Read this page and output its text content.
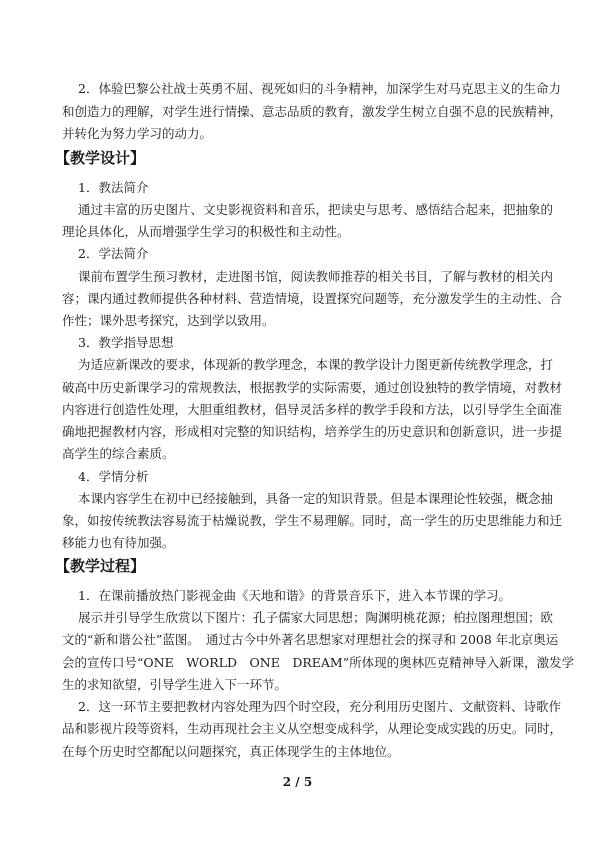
2．体验巴黎公社战士英勇不屈、视死如归的斗争精神，加深学生对马克思主义的生命力
和创造力的理解，对学生进行情操、意志品质的教育，激发学生树立自强不息的民族精神，
并转化为努力学习的动力。
【教学设计】
1．教法简介
通过丰富的历史图片、文史影视资料和音乐，把读史与思考、感悟结合起来，把抽象的
理论具体化，从而增强学生学习的积极性和主动性。
2．学法简介
课前布置学生预习教材，走进图书馆，阅读教师推荐的相关书目，了解与教材的相关内
容；课内通过教师提供各种材料、营造情境，设置探究问题等，充分激发学生的主动性、合
作性；课外思考探究，达到学以致用。
3．教学指导思想
为适应新课改的要求，体现新的教学理念，本课的教学设计力图更新传统教学理念，打
破高中历史新课学习的常规教法，根据教学的实际需要，通过创设独特的教学情境，对教材
内容进行创造性处理，大胆重组教材，倡导灵活多样的教学手段和方法，以引导学生全面准
确地把握教材内容，形成相对完整的知识结构，培养学生的历史意识和创新意识，进一步提
高学生的综合素质。
4．学情分析
本课内容学生在初中已经接触到，具备一定的知识背景。但是本课理论性较强，概念抽
象，如按传统教法容易流于枯燥说教，学生不易理解。同时，高一学生的历史思维能力和迁
移能力也有待加强。
【教学过程】
1．在课前播放热门影视金曲《天地和谐》的背景音乐下，进入本节课的学习。
展示并引导学生欣赏以下图片：孔子儒家大同思想；陶渊明桃花源；柏拉图理想国；欧
文的“新和谐公社”蓝图。　通过古今中外著名思想家对理想社会的探寻和 2008 年北京奥运
会的宣传口号“ONE　WORLD　ONE　DREAM”所体现的奥林匹克精神导入新课，激发学
生的求知欲望，引导学生进入下一环节。
2．这一环节主要把教材内容处理为四个时空段，充分利用历史图片、文献资料、诗歌作
品和影视片段等资料，生动再现社会主义从空想变成科学，从理论变成实践的历史。同时，
在每个历史时空都配以问题探究，真正体现学生的主体地位。
2 / 5
